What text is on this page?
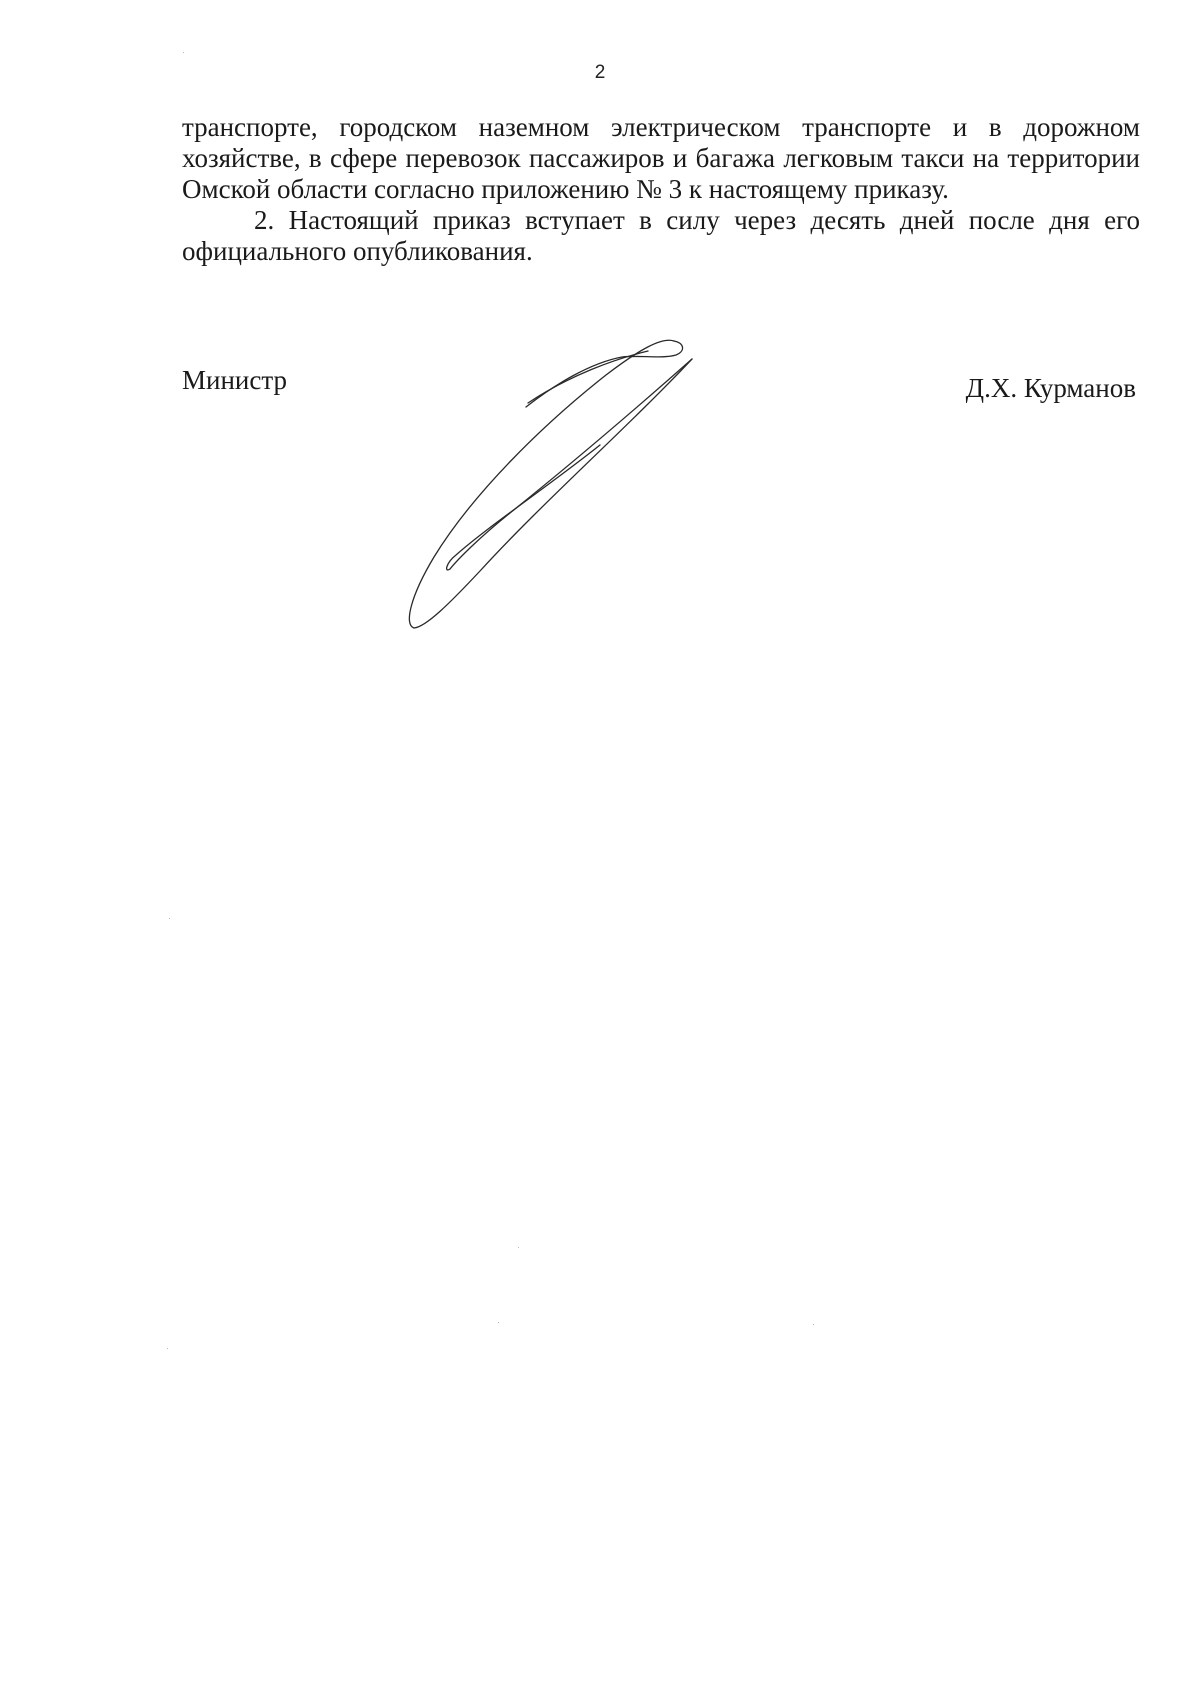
2

транспорте, городском наземном электрическом транспорте и в дорожном хозяйстве, в сфере перевозок пассажиров и багажа легковым такси на территории Омской области согласно приложению № 3 к настоящему приказу.

2. Настоящий приказ вступает в силу через десять дней после дня его официального опубликования.

Министр	Д.Х. Курманов
